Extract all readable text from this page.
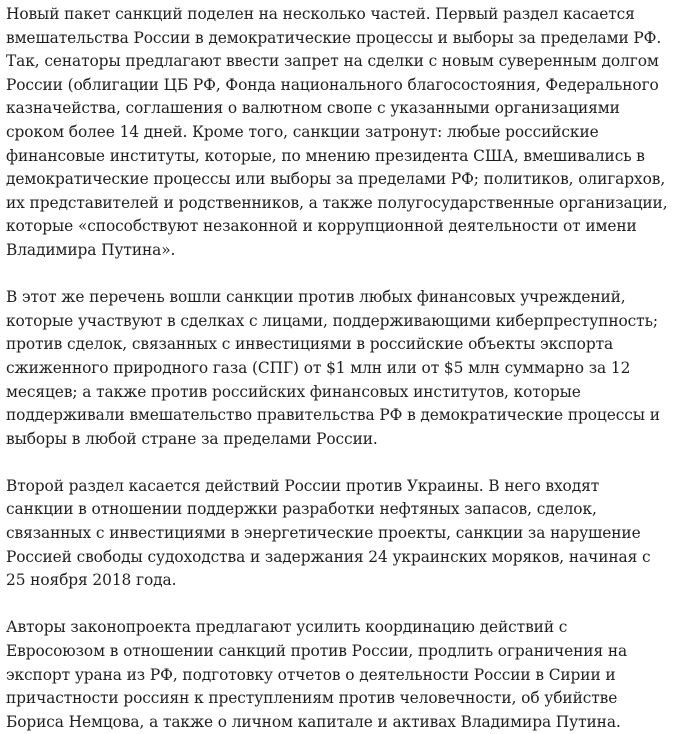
Новый пакет санкций поделен на несколько частей. Первый раздел касается вмешательства России в демократические процессы и выборы за пределами РФ. Так, сенаторы предлагают ввести запрет на сделки с новым суверенным долгом России (облигации ЦБ РФ, Фонда национального благосостояния, Федерального казначейства, соглашения о валютном свопе с указанными организациями сроком более 14 дней. Кроме того, санкции затронут: любые российские финансовые институты, которые, по мнению президента США, вмешивались в демократические процессы или выборы за пределами РФ; политиков, олигархов, их представителей и родственников, а также полугосударственные организации, которые «способствуют незаконной и коррупционной деятельности от имени Владимира Путина».

В этот же перечень вошли санкции против любых финансовых учреждений, которые участвуют в сделках с лицами, поддерживающими киберпреступность; против сделок, связанных с инвестициями в российские объекты экспорта сжиженного природного газа (СПГ) от $1 млн или от $5 млн суммарно за 12 месяцев; а также против российских финансовых институтов, которые поддерживали вмешательство правительства РФ в демократические процессы и выборы в любой стране за пределами России.

Второй раздел касается действий России против Украины. В него входят санкции в отношении поддержки разработки нефтяных запасов, сделок, связанных с инвестициями в энергетические проекты, санкции за нарушение Россией свободы судоходства и задержания 24 украинских моряков, начиная с 25 ноября 2018 года.

Авторы законопроекта предлагают усилить координацию действий с Евросоюзом в отношении санкций против России, продлить ограничения на экспорт урана из РФ, подготовку отчетов о деятельности России в Сирии и причастности россиян к преступлениям против человечности, об убийстве Бориса Немцова, а также о личном капитале и активах Владимира Путина.
